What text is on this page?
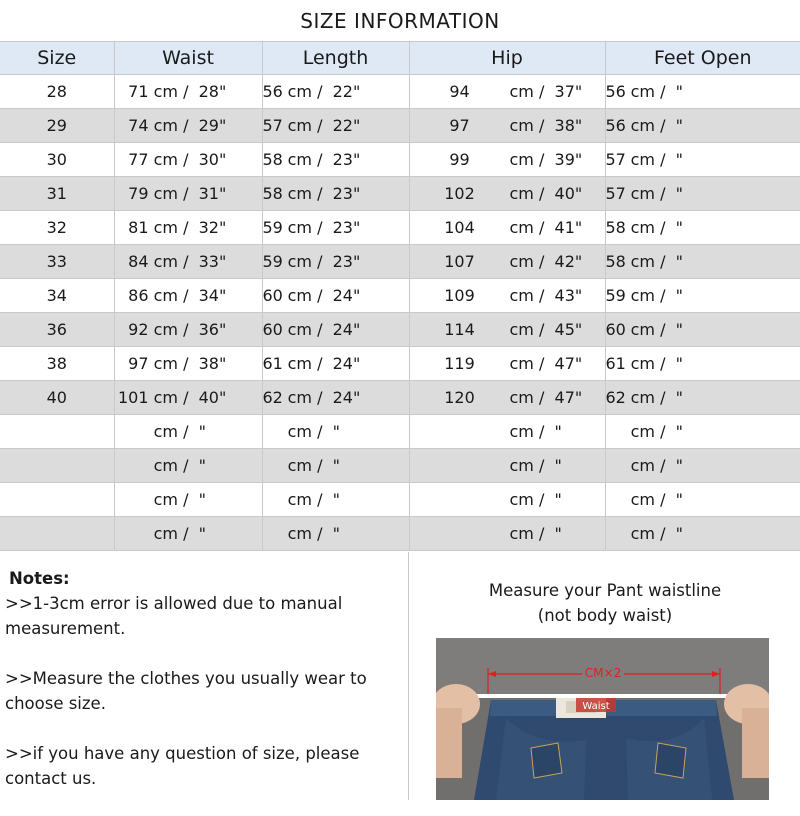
SIZE INFORMATION
Size	Waist	Length	Hip	Feet Open
28	71 cm /  28"	56 cm /  22"	94 cm /  37"	56 cm /  "
29	74 cm /  29"	57 cm /  22"	97 cm /  38"	56 cm /  "
30	77 cm /  30"	58 cm /  23"	99 cm /  39"	57 cm /  "
31	79 cm /  31"	58 cm /  23"	102 cm /  40"	57 cm /  "
32	81 cm /  32"	59 cm /  23"	104 cm /  41"	58 cm /  "
33	84 cm /  33"	59 cm /  23"	107 cm /  42"	58 cm /  "
34	86 cm /  34"	60 cm /  24"	109 cm /  43"	59 cm /  "
36	92 cm /  36"	60 cm /  24"	114 cm /  45"	60 cm /  "
38	97 cm /  38"	61 cm /  24"	119 cm /  47"	61 cm /  "
40	101 cm /  40"	62 cm /  24"	120 cm /  47"	62 cm /  "
	cm /  "	cm /  "	cm /  "	cm /  "
	cm /  "	cm /  "	cm /  "	cm /  "
	cm /  "	cm /  "	cm /  "	cm /  "
	cm /  "	cm /  "	cm /  "	cm /  "
Notes:

>>1-3cm error is allowed due to manual measurement.

>>Measure the clothes you usually wear to choose size.

>>if you have any question of size, please contact us.

Measure your Pant waistline
(not body waist)
CM×2
Waist
